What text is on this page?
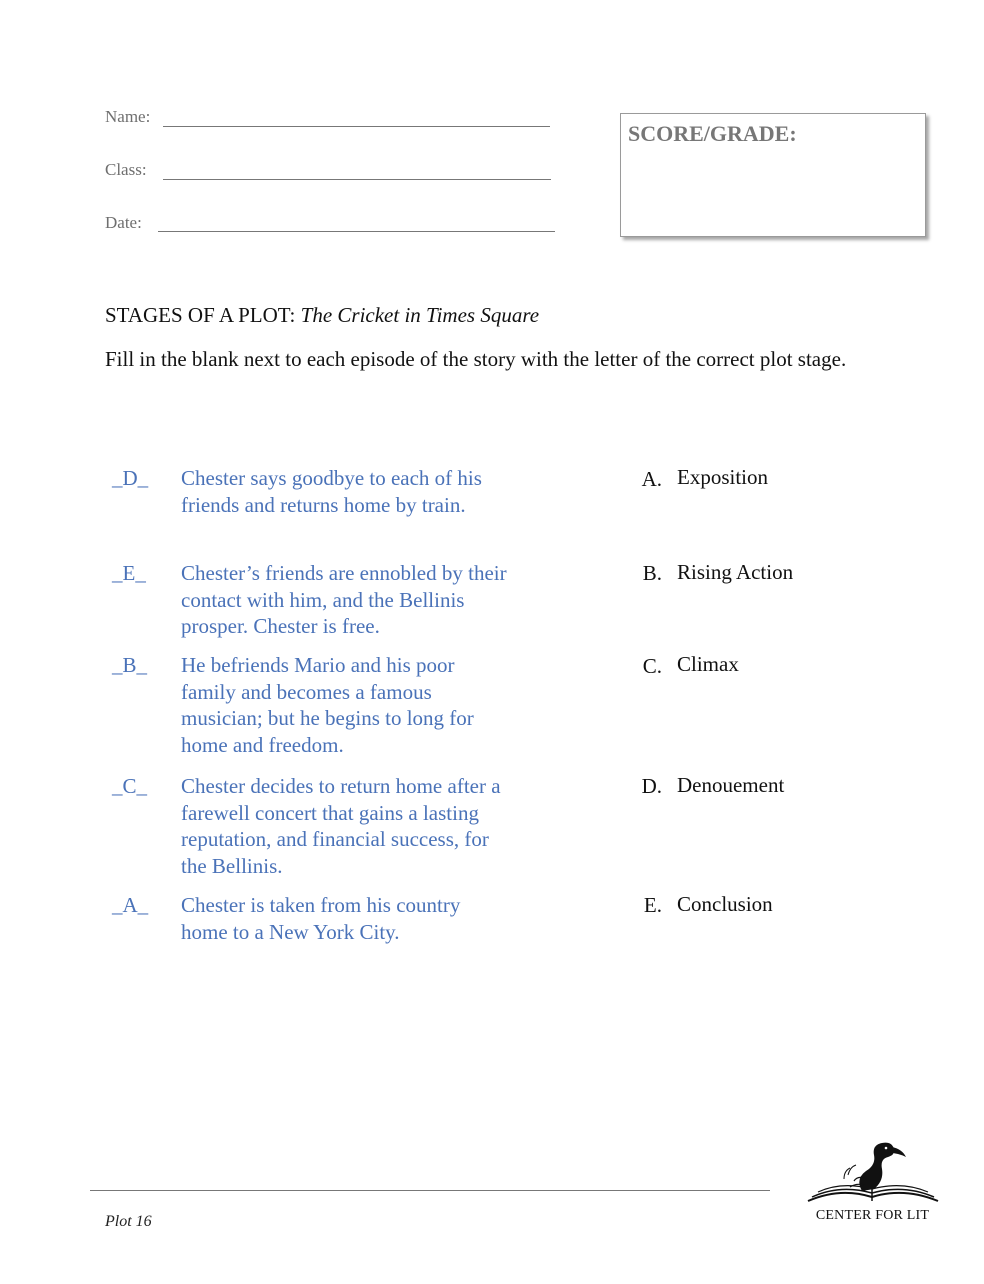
Name:
Class:
Date:
SCORE/GRADE:
STAGES OF A PLOT: The Cricket in Times Square
Fill in the blank next to each episode of the story with the letter of the correct plot stage.
_D_ Chester says goodbye to each of his friends and returns home by train.
_E_ Chester’s friends are ennobled by their contact with him, and the Bellinis prosper. Chester is free.
_B_ He befriends Mario and his poor family and becomes a famous musician; but he begins to long for home and freedom.
_C_ Chester decides to return home after a farewell concert that gains a lasting reputation, and financial success, for the Bellinis.
_A_ Chester is taken from his country home to a New York City.
A. Exposition
B. Rising Action
C. Climax
D. Denouement
E. Conclusion
Plot 16	CENTER FOR LIT
